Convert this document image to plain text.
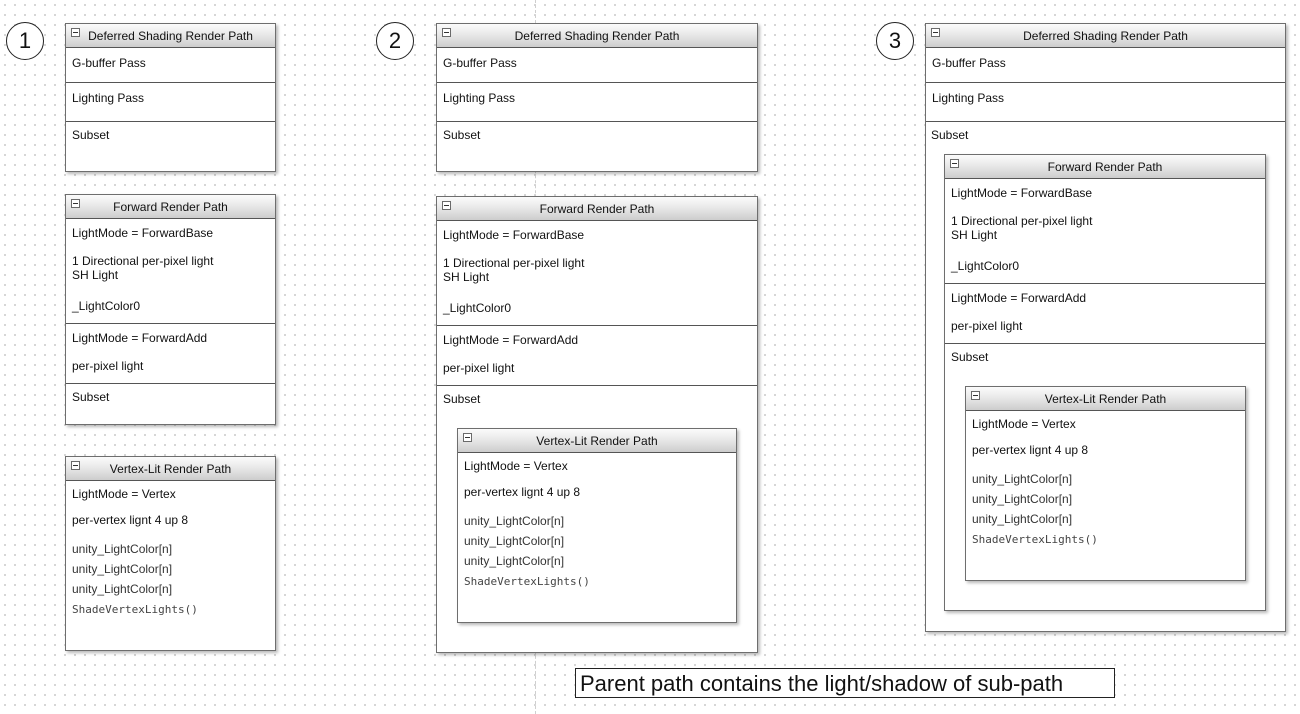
1	2	3
Deferred Shading Render Path
G-buffer Pass
Lighting Pass
Subset
Forward Render Path
LightMode = ForwardBase
1 Directional per-pixel light
SH Light
_LightColor0
LightMode = ForwardAdd
per-pixel light
Subset
Vertex-Lit Render Path
LightMode = Vertex
per-vertex lignt 4 up 8
unity_LightColor[n]
unity_LightColor[n]
unity_LightColor[n]
ShadeVertexLights()
Deferred Shading Render Path
G-buffer Pass
Lighting Pass
Subset
Forward Render Path
LightMode = ForwardBase
1 Directional per-pixel light
SH Light
_LightColor0
LightMode = ForwardAdd
per-pixel light
Subset
Vertex-Lit Render Path
LightMode = Vertex
per-vertex lignt 4 up 8
unity_LightColor[n]
unity_LightColor[n]
unity_LightColor[n]
ShadeVertexLights()
Deferred Shading Render Path
G-buffer Pass
Lighting Pass
Subset
Forward Render Path
LightMode = ForwardBase
1 Directional per-pixel light
SH Light
_LightColor0
LightMode = ForwardAdd
per-pixel light
Subset
Vertex-Lit Render Path
LightMode = Vertex
per-vertex lignt 4 up 8
unity_LightColor[n]
unity_LightColor[n]
unity_LightColor[n]
ShadeVertexLights()
Parent path contains the light/shadow of sub-path
